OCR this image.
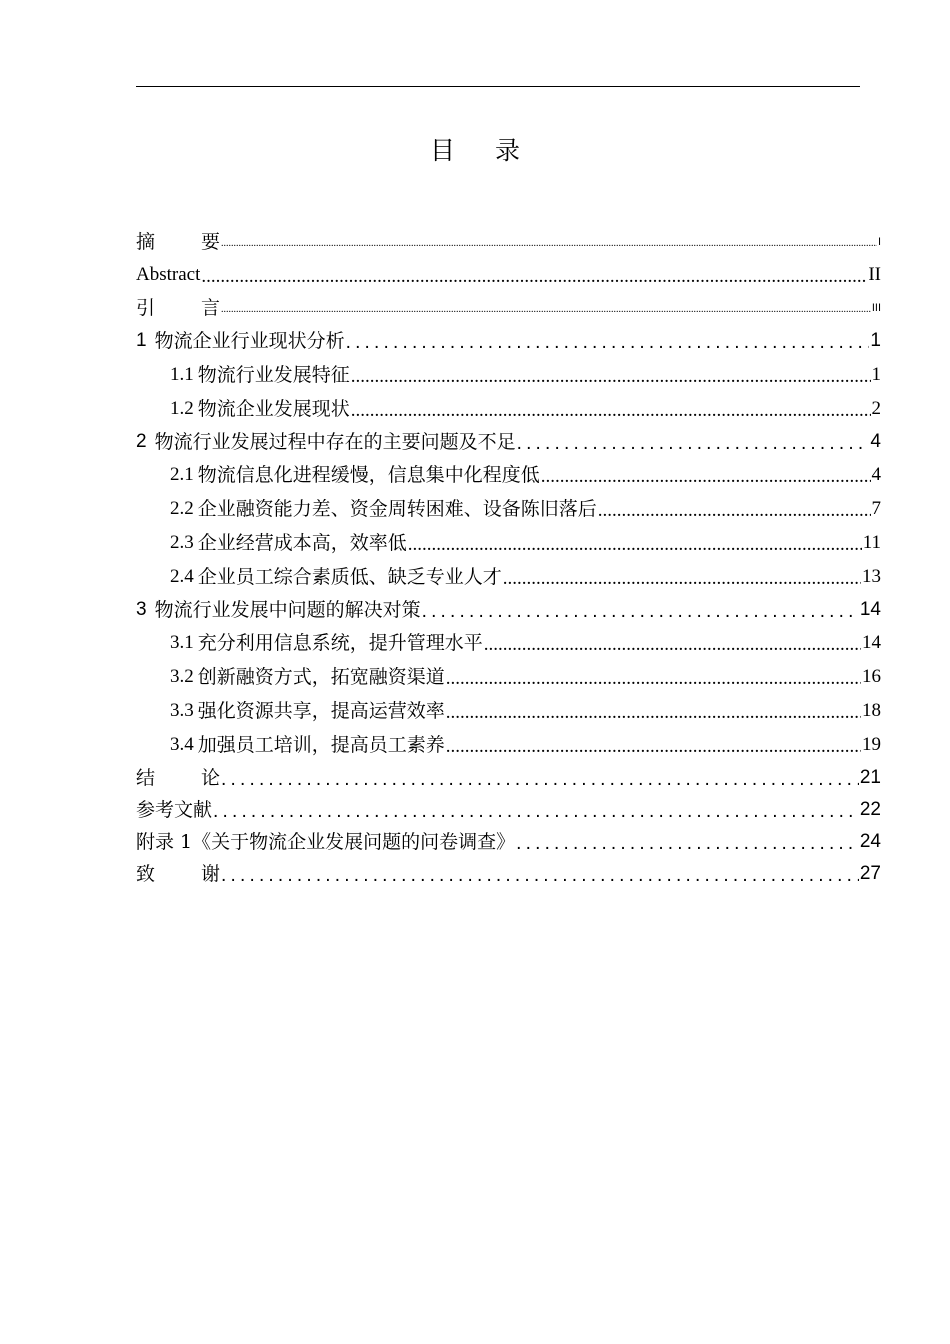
目录
摘要 .....	I
Abstract .....	II
引言 .....	III
1 物流企业行业现状分析 .....	1
1.1 物流行业发展特征 .....	1
1.2 物流企业发展现状 .....	2
2 物流行业发展过程中存在的主要问题及不足 .....	4
2.1 物流信息化进程缓慢，信息集中化程度低 .....	4
2.2 企业融资能力差、资金周转困难、设备陈旧落后 .....	7
2.3 企业经营成本高，效率低 .....	11
2.4 企业员工综合素质低、缺乏专业人才 .....	13
3 物流行业发展中问题的解决对策 .....	14
3.1 充分利用信息系统，提升管理水平 .....	14
3.2 创新融资方式，拓宽融资渠道 .....	16
3.3 强化资源共享，提高运营效率 .....	18
3.4 加强员工培训，提高员工素养 .....	19
结论 .....	21
参考文献 .....	22
附录 1《关于物流企业发展问题的问卷调查》 .....	24
致谢 .....	27
